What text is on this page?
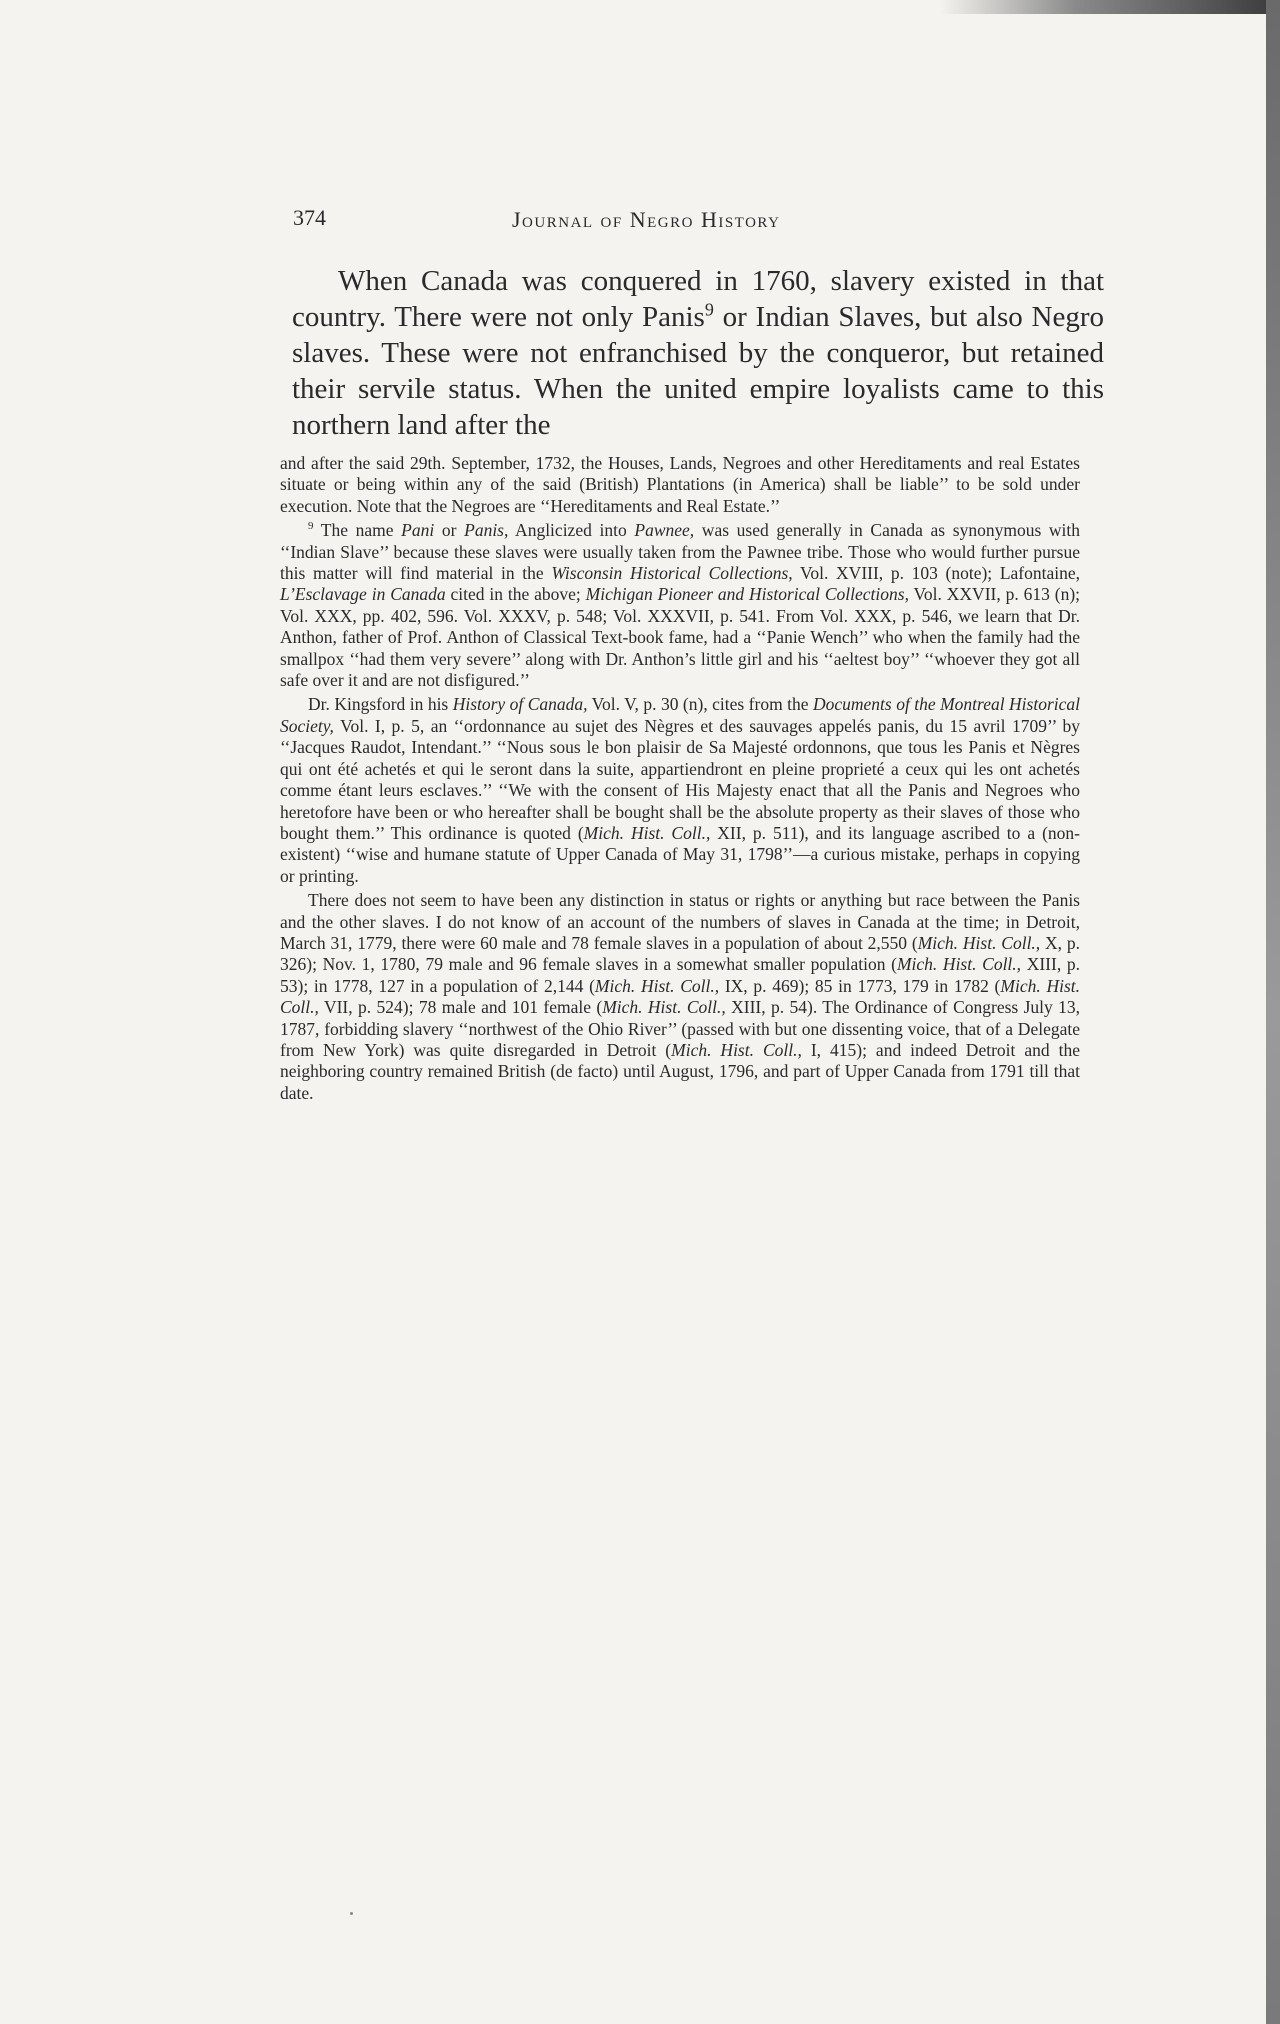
374	Journal of Negro History

When Canada was conquered in 1760, slavery existed in that country. There were not only Panis$^9$ or Indian Slaves, but also Negro slaves. These were not enfranchised by the conqueror, but retained their servile status. When the united empire loyalists came to this northern land after the

and after the said 29th. September, 1732, the Houses, Lands, Negroes and other Hereditaments and real Estates situate or being within any of the said (British) Plantations (in America) shall be liable’’ to be sold under execution. Note that the Negroes are ‘‘Hereditaments and Real Estate.’’

$^9$ The name Pani or Panis, Anglicized into Pawnee, was used generally in Canada as synonymous with ‘‘Indian Slave’’ because these slaves were usually taken from the Pawnee tribe. Those who would further pursue this matter will find material in the Wisconsin Historical Collections, Vol. XVIII, p. 103 (note); Lafontaine, L’Esclavage in Canada cited in the above; Michigan Pioneer and Historical Collections, Vol. XXVII, p. 613 (n); Vol. XXX, pp. 402, 596. Vol. XXXV, p. 548; Vol. XXXVII, p. 541. From Vol. XXX, p. 546, we learn that Dr. Anthon, father of Prof. Anthon of Classical Text-book fame, had a ‘‘Panie Wench’’ who when the family had the smallpox ‘‘had them very severe’’ along with Dr. Anthon’s little girl and his ‘‘aeltest boy’’ ‘‘whoever they got all safe over it and are not disfigured.’’

Dr. Kingsford in his History of Canada, Vol. V, p. 30 (n), cites from the Documents of the Montreal Historical Society, Vol. I, p. 5, an ‘‘ordonnance au sujet des Nègres et des sauvages appelés panis, du 15 avril 1709’’ by ‘‘Jacques Raudot, Intendant.’’ ‘‘Nous sous le bon plaisir de Sa Majesté ordonnons, que tous les Panis et Nègres qui ont été achetés et qui le seront dans la suite, appartiendront en pleine proprieté a ceux qui les ont achetés comme étant leurs esclaves.’’ ‘‘We with the consent of His Majesty enact that all the Panis and Negroes who heretofore have been or who hereafter shall be bought shall be the absolute property as their slaves of those who bought them.’’ This ordinance is quoted (Mich. Hist. Coll., XII, p. 511), and its language ascribed to a (non-existent) ‘‘wise and humane statute of Upper Canada of May 31, 1798’’—a curious mistake, perhaps in copying or printing.

There does not seem to have been any distinction in status or rights or anything but race between the Panis and the other slaves. I do not know of an account of the numbers of slaves in Canada at the time; in Detroit, March 31, 1779, there were 60 male and 78 female slaves in a population of about 2,550 (Mich. Hist. Coll., X, p. 326); Nov. 1, 1780, 79 male and 96 female slaves in a somewhat smaller population (Mich. Hist. Coll., XIII, p. 53); in 1778, 127 in a population of 2,144 (Mich. Hist. Coll., IX, p. 469); 85 in 1773, 179 in 1782 (Mich. Hist. Coll., VII, p. 524); 78 male and 101 female (Mich. Hist. Coll., XIII, p. 54). The Ordinance of Congress July 13, 1787, forbidding slavery ‘‘northwest of the Ohio River’’ (passed with but one dissenting voice, that of a Delegate from New York) was quite disregarded in Detroit (Mich. Hist. Coll., I, 415); and indeed Detroit and the neighboring country remained British (de facto) until August, 1796, and part of Upper Canada from 1791 till that date.
